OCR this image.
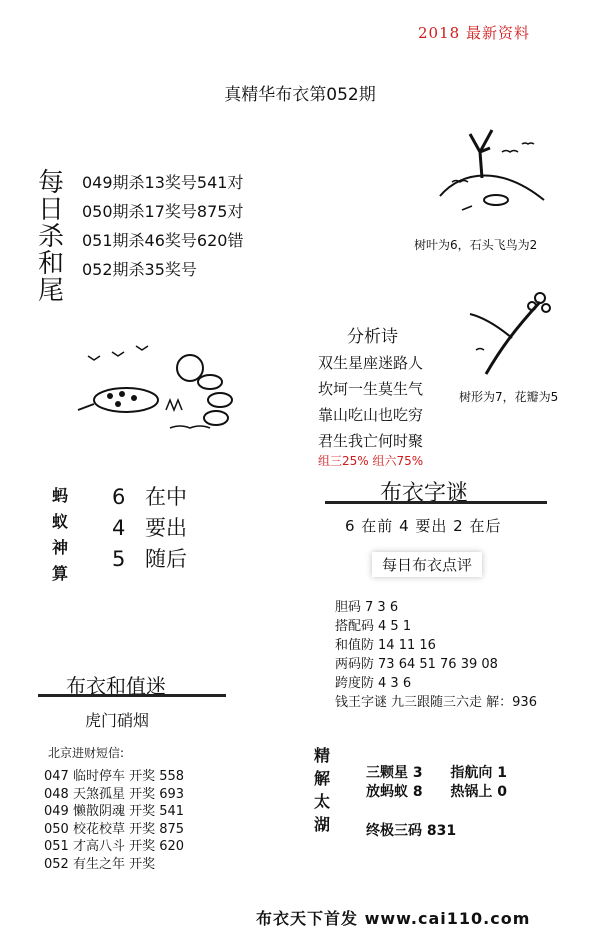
2018 最新资料
真精华布衣第052期
每
日
杀
和
尾
049期杀13奖号541对
050期杀17奖号875对
051期杀46奖号620错
052期杀35奖号
树叶为6，石头飞鸟为2
树形为7，花瓣为5
分析诗
双生星座迷路人
坎坷一生莫生气
靠山吃山也吃穷
君生我亡何时聚
组三25% 组六75%
蚂
蚁
神
算
6 在中
4 要出
5 随后
布衣字谜
6 在前 4 要出 2 在后
每日布衣点评
胆码 7 3 6
搭配码 4 5 1
和值防 14 11 16
两码防 73 64 51 76 39 08
跨度防 4 3 6
钱王字谜 九三跟随三六走 解：936
布衣和值迷
虎门硝烟
北京进财短信:
047 临时停车 开奖 558
048 天煞孤星 开奖 693
049 懒散阴魂 开奖 541
050 校花校草 开奖 875
051 才高八斗 开奖 620
052 有生之年 开奖
精
解
太
湖
三颗星 3 指航向 1
放蚂蚁 8 热锅上 0
终极三码 831
布衣天下首发 www.cai110.com
